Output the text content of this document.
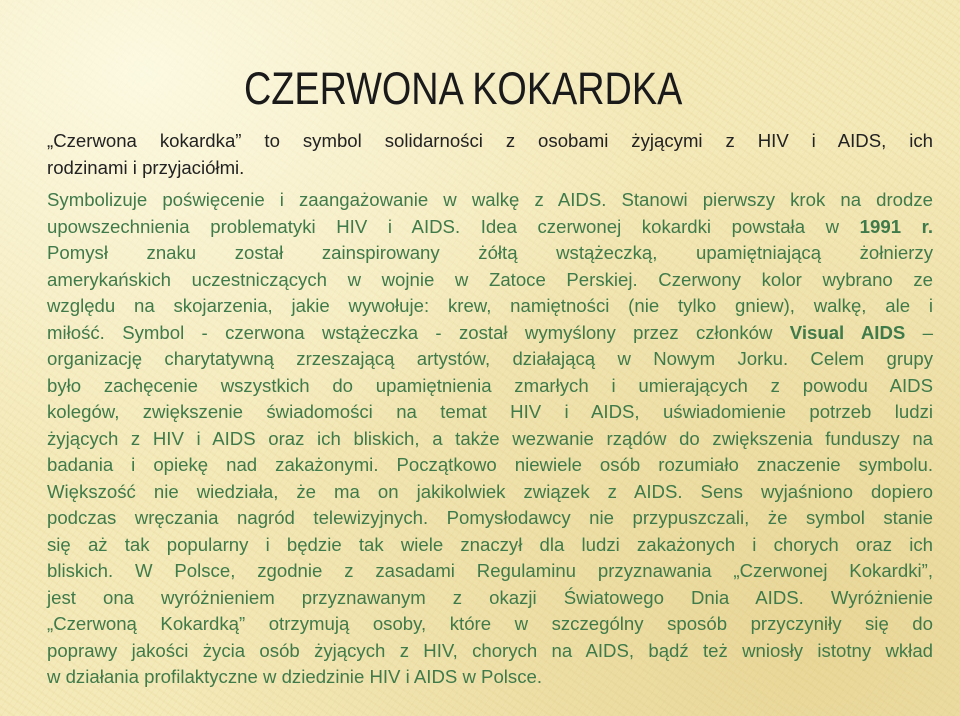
CZERWONA KOKARDKA
„Czerwona kokardka” to symbol solidarności z osobami żyjącymi z HIV i AIDS, ich
rodzinami i przyjaciółmi.
Symbolizuje poświęcenie i zaangażowanie w walkę z AIDS. Stanowi pierwszy krok na drodze
upowszechnienia problematyki HIV i AIDS. Idea czerwonej kokardki powstała w 1991 r.
Pomysł znaku został zainspirowany żółtą wstążeczką, upamiętniającą żołnierzy
amerykańskich uczestniczących w wojnie w Zatoce Perskiej. Czerwony kolor wybrano ze
względu na skojarzenia, jakie wywołuje: krew, namiętności (nie tylko gniew), walkę, ale i
miłość. Symbol - czerwona wstążeczka - został wymyślony przez członków Visual AIDS –
organizację charytatywną zrzeszającą artystów, działającą w Nowym Jorku. Celem grupy
było zachęcenie wszystkich do upamiętnienia zmarłych i umierających z powodu AIDS
kolegów, zwiększenie świadomości na temat HIV i AIDS, uświadomienie potrzeb ludzi
żyjących z HIV i AIDS oraz ich bliskich, a także wezwanie rządów do zwiększenia funduszy na
badania i opiekę nad zakażonymi. Początkowo niewiele osób rozumiało znaczenie symbolu.
Większość nie wiedziała, że ma on jakikolwiek związek z AIDS. Sens wyjaśniono dopiero
podczas wręczania nagród telewizyjnych. Pomysłodawcy nie przypuszczali, że symbol stanie
się aż tak popularny i będzie tak wiele znaczył dla ludzi zakażonych i chorych oraz ich
bliskich. W Polsce, zgodnie z zasadami Regulaminu przyznawania „Czerwonej Kokardki”,
jest ona wyróżnieniem przyznawanym z okazji Światowego Dnia AIDS. Wyróżnienie
„Czerwoną Kokardką” otrzymują osoby, które w szczególny sposób przyczyniły się do
poprawy jakości życia osób żyjących z HIV, chorych na AIDS, bądź też wniosły istotny wkład
w działania profilaktyczne w dziedzinie HIV i AIDS w Polsce.
